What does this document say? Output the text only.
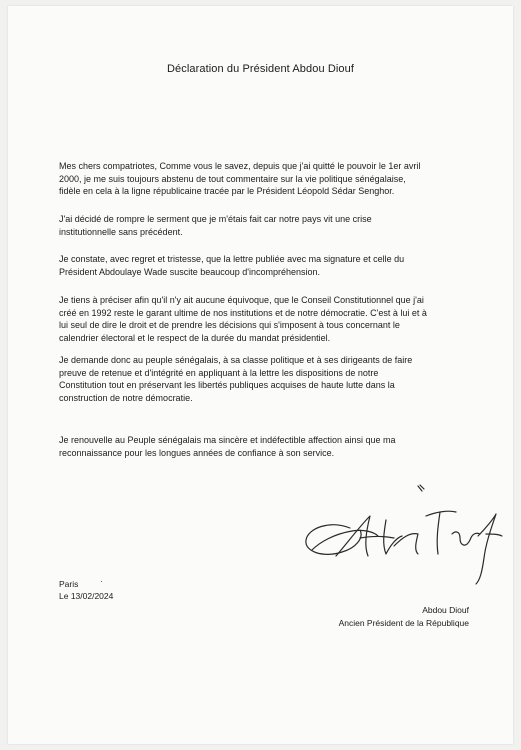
Déclaration du Président Abdou Diouf

Mes chers compatriotes, Comme vous le savez, depuis que j'ai quitté le pouvoir le 1er avril
2000, je me suis toujours abstenu de tout commentaire sur la vie politique sénégalaise,
fidèle en cela à la ligne républicaine tracée par le Président Léopold Sédar Senghor.

J'ai décidé de rompre le serment que je m'étais fait car notre pays vit une crise
institutionnelle sans précédent.

Je constate, avec regret et tristesse, que la lettre publiée avec ma signature et celle du
Président Abdoulaye Wade suscite beaucoup d'incompréhension.

Je tiens à préciser afin qu'il n'y ait aucune équivoque, que le Conseil Constitutionnel que j'ai
créé en 1992 reste le garant ultime de nos institutions et de notre démocratie. C'est à lui et à
lui seul de dire le droit et de prendre les décisions qui s'imposent à tous concernant le
calendrier électoral et le respect de la durée du mandat présidentiel.

Je demande donc au peuple sénégalais, à sa classe politique et à ses dirigeants de faire
preuve de retenue et d'intégrité en appliquant à la lettre les dispositions de notre
Constitution tout en préservant les libertés publiques acquises de haute lutte dans la
construction de notre démocratie.

Je renouvelle au Peuple sénégalais ma sincère et indéfectible affection ainsi que ma
reconnaissance pour les longues années de confiance à son service.

·
Paris
Le 13/02/2024
Abdou Diouf
Ancien Président de la République
